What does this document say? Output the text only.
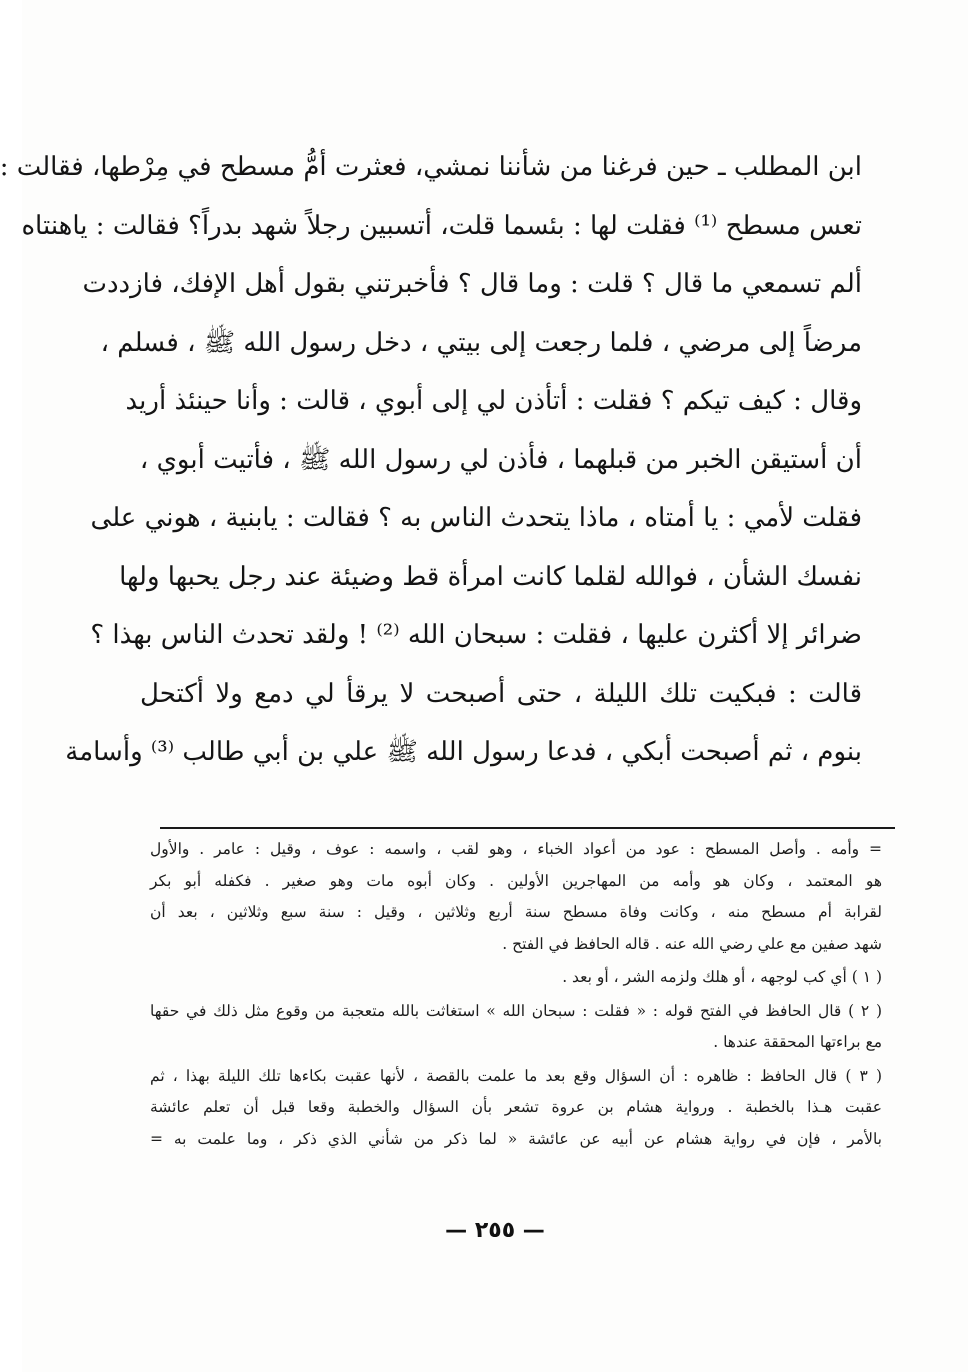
ابن المطلب ـ حين فرغنا من شأننا نمشي، فعثرت أمُّ مسطح في مِرْطها، فقالت :
تعس مسطح ⁽¹⁾ فقلت لها : بئسما قلت، أتسبين رجلاً شهد بدراً؟ فقالت : ياهنتاه
ألم تسمعي ما قال ؟ قلت : وما قال ؟ فأخبرتني بقول أهل الإفك، فازددت
مرضاً إلى مرضي ، فلما رجعت إلى بيتي ، دخل رسول الله ﷺ ، فسلم ،
وقال : كيف تيكم ؟ فقلت : أتأذن لي إلى أبوي ، قالت : وأنا حينئذ أريد
أن أستيقن الخبر من قبلهما ، فأذن لي رسول الله ﷺ ، فأتيت أبوي ،
فقلت لأمي : يا أمتاه ، ماذا يتحدث الناس به ؟ فقالت : يابنية ، هوني على
نفسك الشأن ، فوالله لقلما كانت امرأة قط وضيئة عند رجل يحبها ولها
ضرائر إلا أكثرن عليها ، فقلت : سبحان الله ⁽²⁾ ! ولقد تحدث الناس بهذا ؟
قالت : فبكيت تلك الليلة ، حتى أصبحت لا يرقأ لي دمع ولا أكتحل
بنوم ، ثم أصبحت أبكي ، فدعا رسول الله ﷺ علي بن أبي طالب ⁽³⁾ وأسامة
= وأمه . وأصل المسطح : عود من أعواد الخباء ، وهو لقب ، واسمه : عوف ، وقيل : عامر . والأول
هو المعتمد ، وكان هو وأمه من المهاجرين الأولين . وكان أبوه مات وهو صغير . فكفله أبو بكر
لقرابة أم مسطح منه ، وكانت وفاة مسطح سنة أربع وثلاثين ، وقيل : سنة سبع وثلاثين ، بعد أن
شهد صفين مع علي رضي الله عنه . قاله الحافظ في الفتح .
( ١ ) أي كب لوجهه ، أو هلك ولزمه الشر ، أو بعد .
( ٢ ) قال الحافظ في الفتح قوله : « فقلت : سبحان الله » استغاثت بالله متعجبة من وقوع مثل ذلك في حقها
مع براءتها المحققة عندها .
( ٣ ) قال الحافظ : ظاهره : أن السؤال وقع بعد ما علمت بالقصة ، لأنها عقبت بكاءها تلك الليلة بهذا ، ثم
عقبت هـذا بالخطبة . ورواية هشام بن عروة تشعر بأن السؤال والخطبة وقعا قبل أن تعلم عائشة
بالأمر ، فإن في رواية هشام عن أبيه عن عائشة « لما ذكر من شأني الذي ذكر ، وما علمت به =
— ٢٥٥ —
